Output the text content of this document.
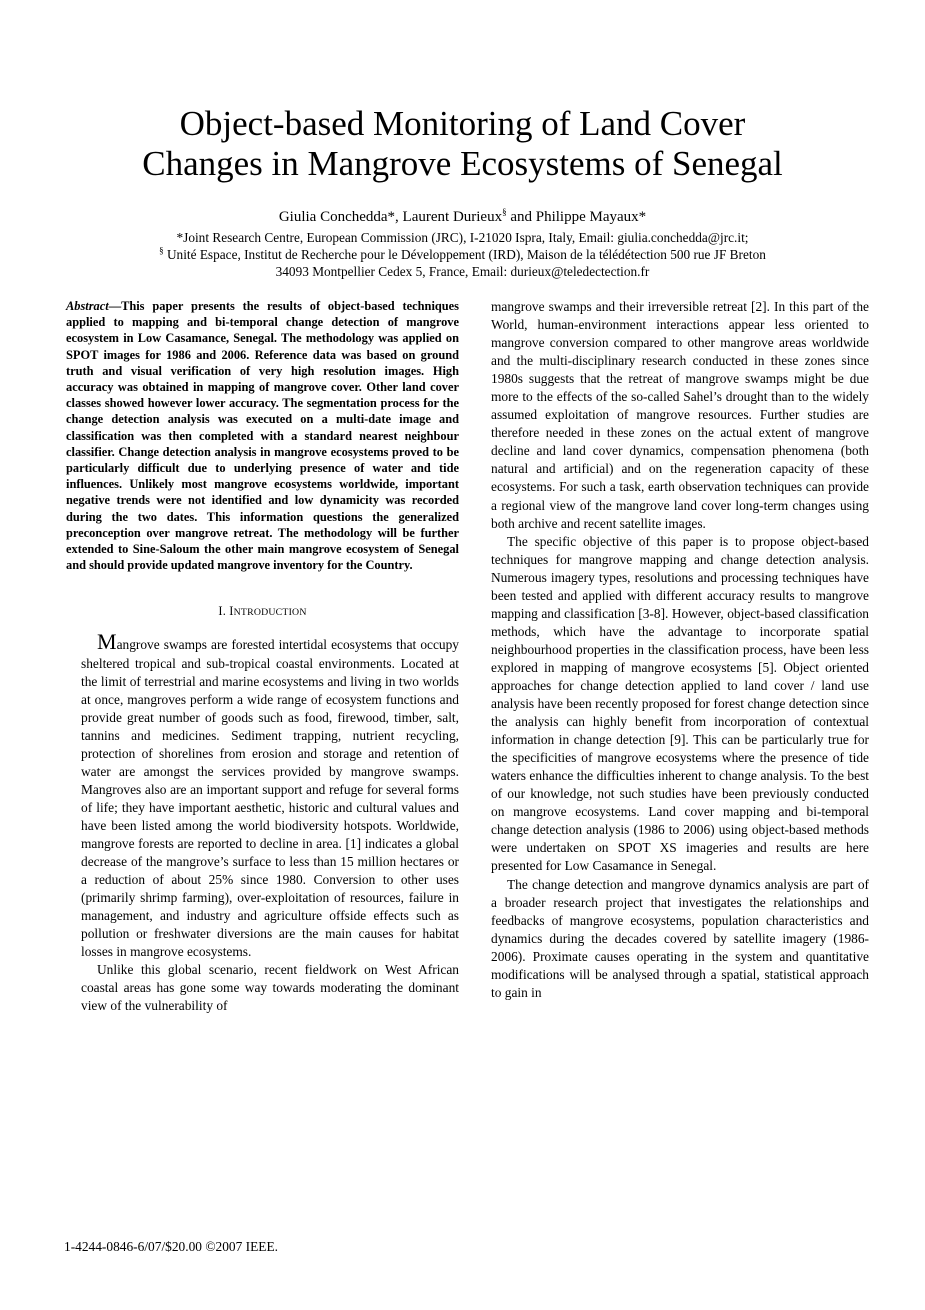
Object-based Monitoring of Land Cover
Changes in Mangrove Ecosystems of Senegal
Giulia Conchedda*, Laurent Durieux§ and Philippe Mayaux*
*Joint Research Centre, European Commission (JRC), I-21020 Ispra, Italy, Email: giulia.conchedda@jrc.it;
§ Unité Espace, Institut de Recherche pour le Développement (IRD), Maison de la télédétection 500 rue JF Breton
34093 Montpellier Cedex 5, France, Email: durieux@teledectection.fr

Abstract—This paper presents the results of object-based techniques applied to mapping and bi-temporal change detection of mangrove ecosystem in Low Casamance, Senegal. The methodology was applied on SPOT images for 1986 and 2006. Reference data was based on ground truth and visual verification of very high resolution images. High accuracy was obtained in mapping of mangrove cover. Other land cover classes showed however lower accuracy. The segmentation process for the change detection analysis was executed on a multi-date image and classification was then completed with a standard nearest neighbour classifier. Change detection analysis in mangrove ecosystems proved to be particularly difficult due to underlying presence of water and tide influences. Unlikely most mangrove ecosystems worldwide, important negative trends were not identified and low dynamicity was recorded during the two dates. This information questions the generalized preconception over mangrove retreat. The methodology will be further extended to Sine-Saloum the other main mangrove ecosystem of Senegal and should provide updated mangrove inventory for the Country.

I. INTRODUCTION

Mangrove swamps are forested intertidal ecosystems that occupy sheltered tropical and sub-tropical coastal environments. Located at the limit of terrestrial and marine ecosystems and living in two worlds at once, mangroves perform a wide range of ecosystem functions and provide great number of goods such as food, firewood, timber, salt, tannins and medicines. Sediment trapping, nutrient recycling, protection of shorelines from erosion and storage and retention of water are amongst the services provided by mangrove swamps. Mangroves also are an important support and refuge for several forms of life; they have important aesthetic, historic and cultural values and have been listed among the world biodiversity hotspots. Worldwide, mangrove forests are reported to decline in area. [1] indicates a global decrease of the mangrove’s surface to less than 15 million hectares or a reduction of about 25% since 1980. Conversion to other uses (primarily shrimp farming), over-exploitation of resources, failure in management, and industry and agriculture offside effects such as pollution or freshwater diversions are the main causes for habitat losses in mangrove ecosystems.

Unlike this global scenario, recent fieldwork on West African coastal areas has gone some way towards moderating the dominant view of the vulnerability of

mangrove swamps and their irreversible retreat [2]. In this part of the World, human-environment interactions appear less oriented to mangrove conversion compared to other mangrove areas worldwide and the multi-disciplinary research conducted in these zones since 1980s suggests that the retreat of mangrove swamps might be due more to the effects of the so-called Sahel’s drought than to the widely assumed exploitation of mangrove resources. Further studies are therefore needed in these zones on the actual extent of mangrove decline and land cover dynamics, compensation phenomena (both natural and artificial) and on the regeneration capacity of these ecosystems. For such a task, earth observation techniques can provide a regional view of the mangrove land cover long-term changes using both archive and recent satellite images.

The specific objective of this paper is to propose object-based techniques for mangrove mapping and change detection analysis. Numerous imagery types, resolutions and processing techniques have been tested and applied with different accuracy results to mangrove mapping and classification [3-8]. However, object-based classification methods, which have the advantage to incorporate spatial neighbourhood properties in the classification process, have been less explored in mapping of mangrove ecosystems [5]. Object oriented approaches for change detection applied to land cover / land use analysis have been recently proposed for forest change detection since the analysis can highly benefit from incorporation of contextual information in change detection [9]. This can be particularly true for the specificities of mangrove ecosystems where the presence of tide waters enhance the difficulties inherent to change analysis. To the best of our knowledge, not such studies have been previously conducted on mangrove ecosystems. Land cover mapping and bi-temporal change detection analysis (1986 to 2006) using object-based methods were undertaken on SPOT XS imageries and results are here presented for Low Casamance in Senegal.

The change detection and mangrove dynamics analysis are part of a broader research project that investigates the relationships and feedbacks of mangrove ecosystems, population characteristics and dynamics during the decades covered by satellite imagery (1986-2006). Proximate causes operating in the system and quantitative modifications will be analysed through a spatial, statistical approach to gain in

1-4244-0846-6/07/$20.00 ©2007 IEEE.
